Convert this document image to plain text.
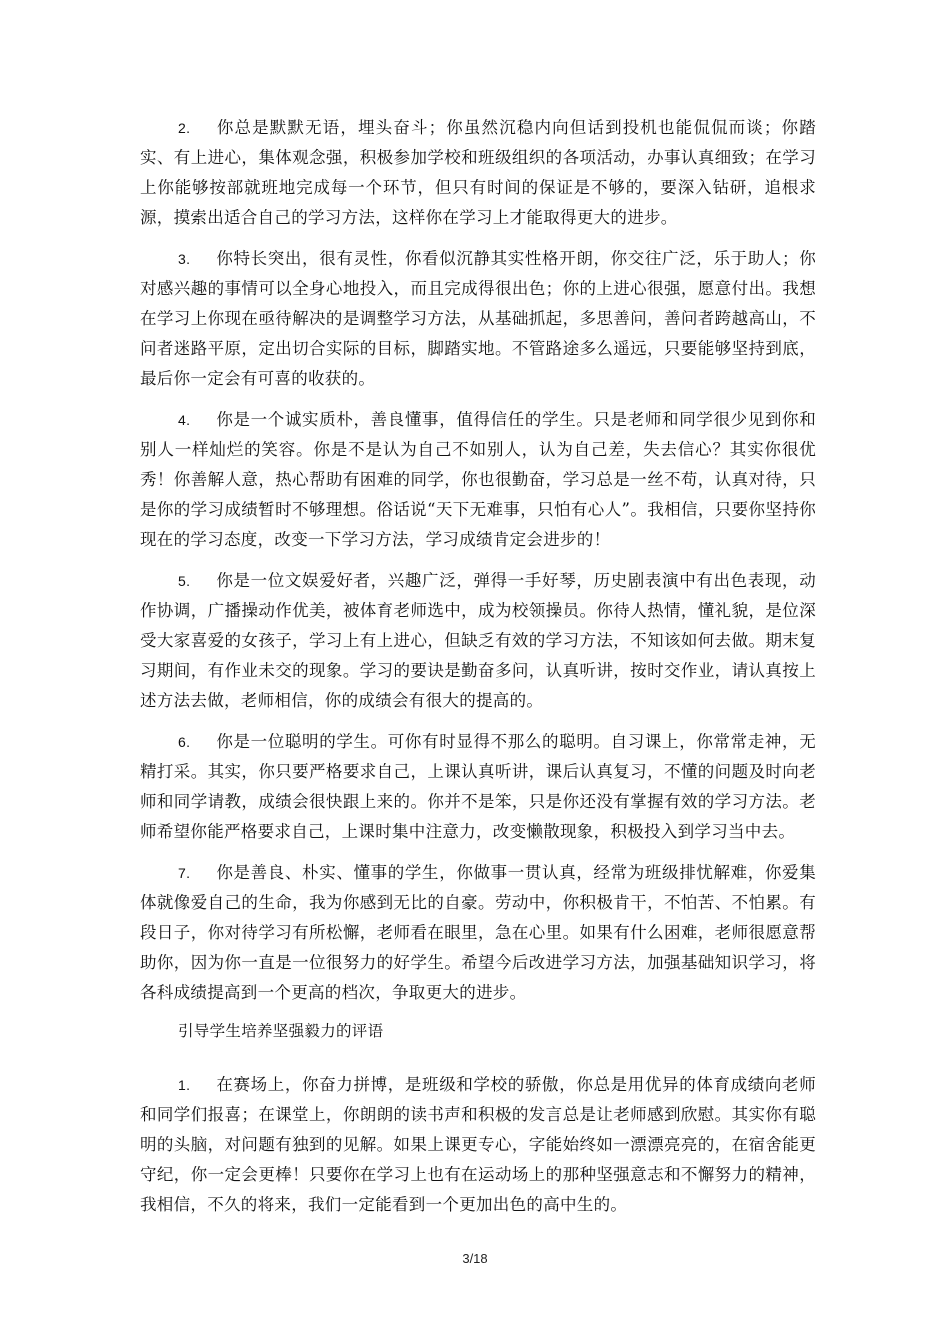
2. 你总是默默无语，埋头奋斗；你虽然沉稳内向但话到投机也能侃侃而谈；你踏实、有上进心，集体观念强，积极参加学校和班级组织的各项活动，办事认真细致；在学习上你能够按部就班地完成每一个环节，但只有时间的保证是不够的，要深入钻研，追根求源，摸索出适合自己的学习方法，这样你在学习上才能取得更大的进步。

3. 你特长突出，很有灵性，你看似沉静其实性格开朗，你交往广泛，乐于助人；你对感兴趣的事情可以全身心地投入，而且完成得很出色；你的上进心很强，愿意付出。我想在学习上你现在亟待解决的是调整学习方法，从基础抓起，多思善问，善问者跨越高山，不问者迷路平原，定出切合实际的目标，脚踏实地。不管路途多么遥远，只要能够坚持到底，最后你一定会有可喜的收获的。

4. 你是一个诚实质朴，善良懂事，值得信任的学生。只是老师和同学很少见到你和别人一样灿烂的笑容。你是不是认为自己不如别人，认为自己差，失去信心？其实你很优秀！你善解人意，热心帮助有困难的同学，你也很勤奋，学习总是一丝不苟，认真对待，只是你的学习成绩暂时不够理想。俗话说“天下无难事，只怕有心人”。我相信，只要你坚持你现在的学习态度，改变一下学习方法，学习成绩肯定会进步的！

5. 你是一位文娱爱好者，兴趣广泛，弹得一手好琴，历史剧表演中有出色表现，动作协调，广播操动作优美，被体育老师选中，成为校领操员。你待人热情，懂礼貌，是位深受大家喜爱的女孩子，学习上有上进心，但缺乏有效的学习方法，不知该如何去做。期末复习期间，有作业未交的现象。学习的要诀是勤奋多问，认真听讲，按时交作业，请认真按上述方法去做，老师相信，你的成绩会有很大的提高的。

6. 你是一位聪明的学生。可你有时显得不那么的聪明。自习课上，你常常走神，无精打采。其实，你只要严格要求自己，上课认真听讲，课后认真复习，不懂的问题及时向老师和同学请教，成绩会很快跟上来的。你并不是笨，只是你还没有掌握有效的学习方法。老师希望你能严格要求自己，上课时集中注意力，改变懒散现象，积极投入到学习当中去。

7. 你是善良、朴实、懂事的学生，你做事一贯认真，经常为班级排忧解难，你爱集体就像爱自己的生命，我为你感到无比的自豪。劳动中，你积极肯干，不怕苦、不怕累。有段日子，你对待学习有所松懈，老师看在眼里，急在心里。如果有什么困难，老师很愿意帮助你，因为你一直是一位很努力的好学生。希望今后改进学习方法，加强基础知识学习，将各科成绩提高到一个更高的档次，争取更大的进步。

引导学生培养坚强毅力的评语

1. 在赛场上，你奋力拼博，是班级和学校的骄傲，你总是用优异的体育成绩向老师和同学们报喜；在课堂上，你朗朗的读书声和积极的发言总是让老师感到欣慰。其实你有聪明的头脑，对问题有独到的见解。如果上课更专心，字能始终如一漂漂亮亮的，在宿舍能更守纪，你一定会更棒！只要你在学习上也有在运动场上的那种坚强意志和不懈努力的精神，我相信，不久的将来，我们一定能看到一个更加出色的高中生的。

3/18
